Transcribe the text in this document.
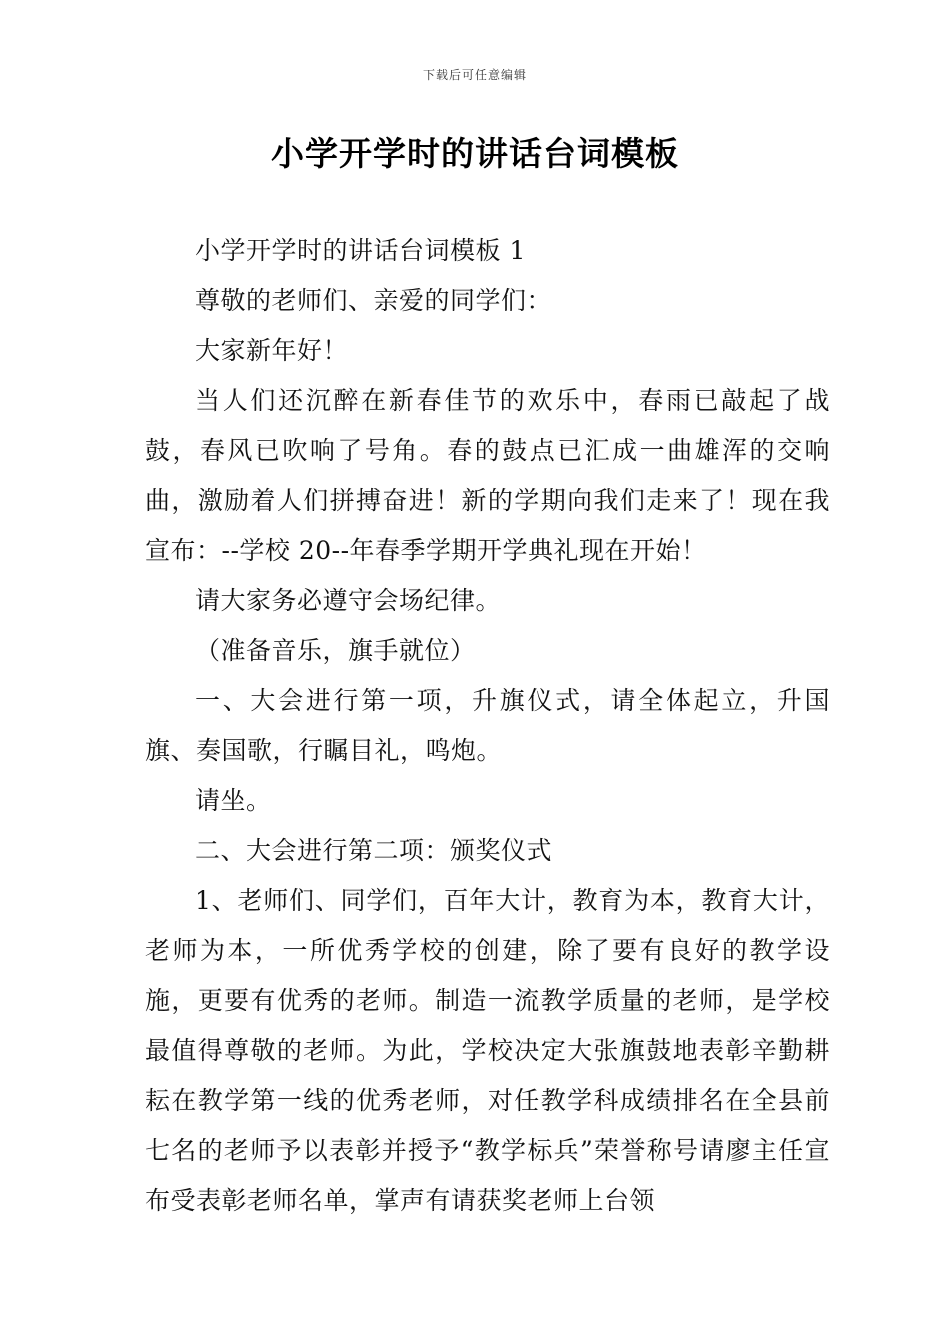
下载后可任意编辑
小学开学时的讲话台词模板

小学开学时的讲话台词模板 1

尊敬的老师们、亲爱的同学们：

大家新年好！

当人们还沉醉在新春佳节的欢乐中，春雨已敲起了战鼓，春风已吹响了号角。春的鼓点已汇成一曲雄浑的交响曲，激励着人们拼搏奋进！新的学期向我们走来了！现在我宣布：--学校 20--年春季学期开学典礼现在开始！

请大家务必遵守会场纪律。

（准备音乐，旗手就位）

一、大会进行第一项，升旗仪式，请全体起立，升国旗、奏国歌，行瞩目礼，鸣炮。

请坐。

二、大会进行第二项：颁奖仪式

1、老师们、同学们，百年大计，教育为本，教育大计，老师为本，一所优秀学校的创建，除了要有良好的教学设施，更要有优秀的老师。制造一流教学质量的老师，是学校最值得尊敬的老师。为此，学校决定大张旗鼓地表彰辛勤耕耘在教学第一线的优秀老师，对任教学科成绩排名在全县前七名的老师予以表彰并授予“教学标兵”荣誉称号请廖主任宣布受表彰老师名单，掌声有请获奖老师上台领
